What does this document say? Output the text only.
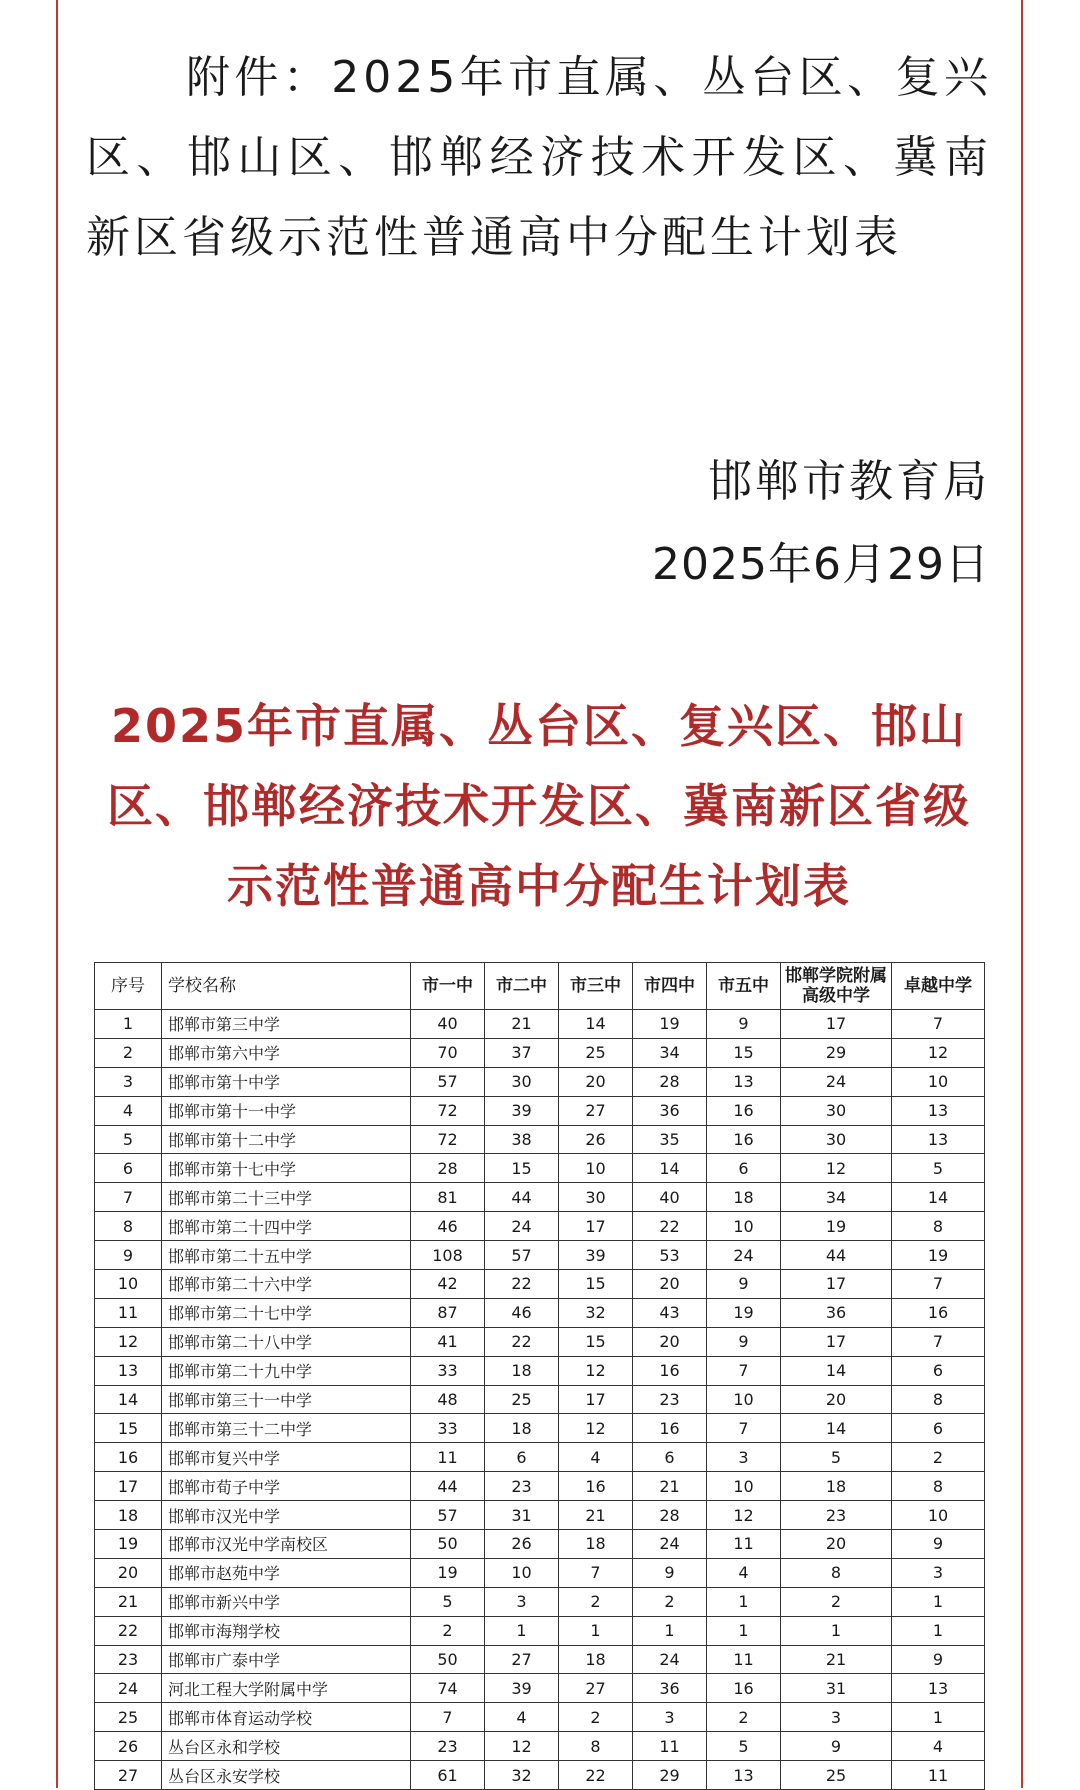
附件：2025年市直属、丛台区、复兴区、邯山区、邯郸经济技术开发区、冀南新区省级示范性普通高中分配生计划表
邯郸市教育局
2025年6月29日
2025年市直属、丛台区、复兴区、邯山
区、邯郸经济技术开发区、冀南新区省级
示范性普通高中分配生计划表
序号	学校名称	市一中	市二中	市三中	市四中	市五中	邯郸学院附属高级中学	卓越中学
1	邯郸市第三中学	40	21	14	19	9	17	7
2	邯郸市第六中学	70	37	25	34	15	29	12
3	邯郸市第十中学	57	30	20	28	13	24	10
4	邯郸市第十一中学	72	39	27	36	16	30	13
5	邯郸市第十二中学	72	38	26	35	16	30	13
6	邯郸市第十七中学	28	15	10	14	6	12	5
7	邯郸市第二十三中学	81	44	30	40	18	34	14
8	邯郸市第二十四中学	46	24	17	22	10	19	8
9	邯郸市第二十五中学	108	57	39	53	24	44	19
10	邯郸市第二十六中学	42	22	15	20	9	17	7
11	邯郸市第二十七中学	87	46	32	43	19	36	16
12	邯郸市第二十八中学	41	22	15	20	9	17	7
13	邯郸市第二十九中学	33	18	12	16	7	14	6
14	邯郸市第三十一中学	48	25	17	23	10	20	8
15	邯郸市第三十二中学	33	18	12	16	7	14	6
16	邯郸市复兴中学	11	6	4	6	3	5	2
17	邯郸市荀子中学	44	23	16	21	10	18	8
18	邯郸市汉光中学	57	31	21	28	12	23	10
19	邯郸市汉光中学南校区	50	26	18	24	11	20	9
20	邯郸市赵苑中学	19	10	7	9	4	8	3
21	邯郸市新兴中学	5	3	2	2	1	2	1
22	邯郸市海翔学校	2	1	1	1	1	1	1
23	邯郸市广泰中学	50	27	18	24	11	21	9
24	河北工程大学附属中学	74	39	27	36	16	31	13
25	邯郸市体育运动学校	7	4	2	3	2	3	1
26	丛台区永和学校	23	12	8	11	5	9	4
27	丛台区永安学校	61	32	22	29	13	25	11
